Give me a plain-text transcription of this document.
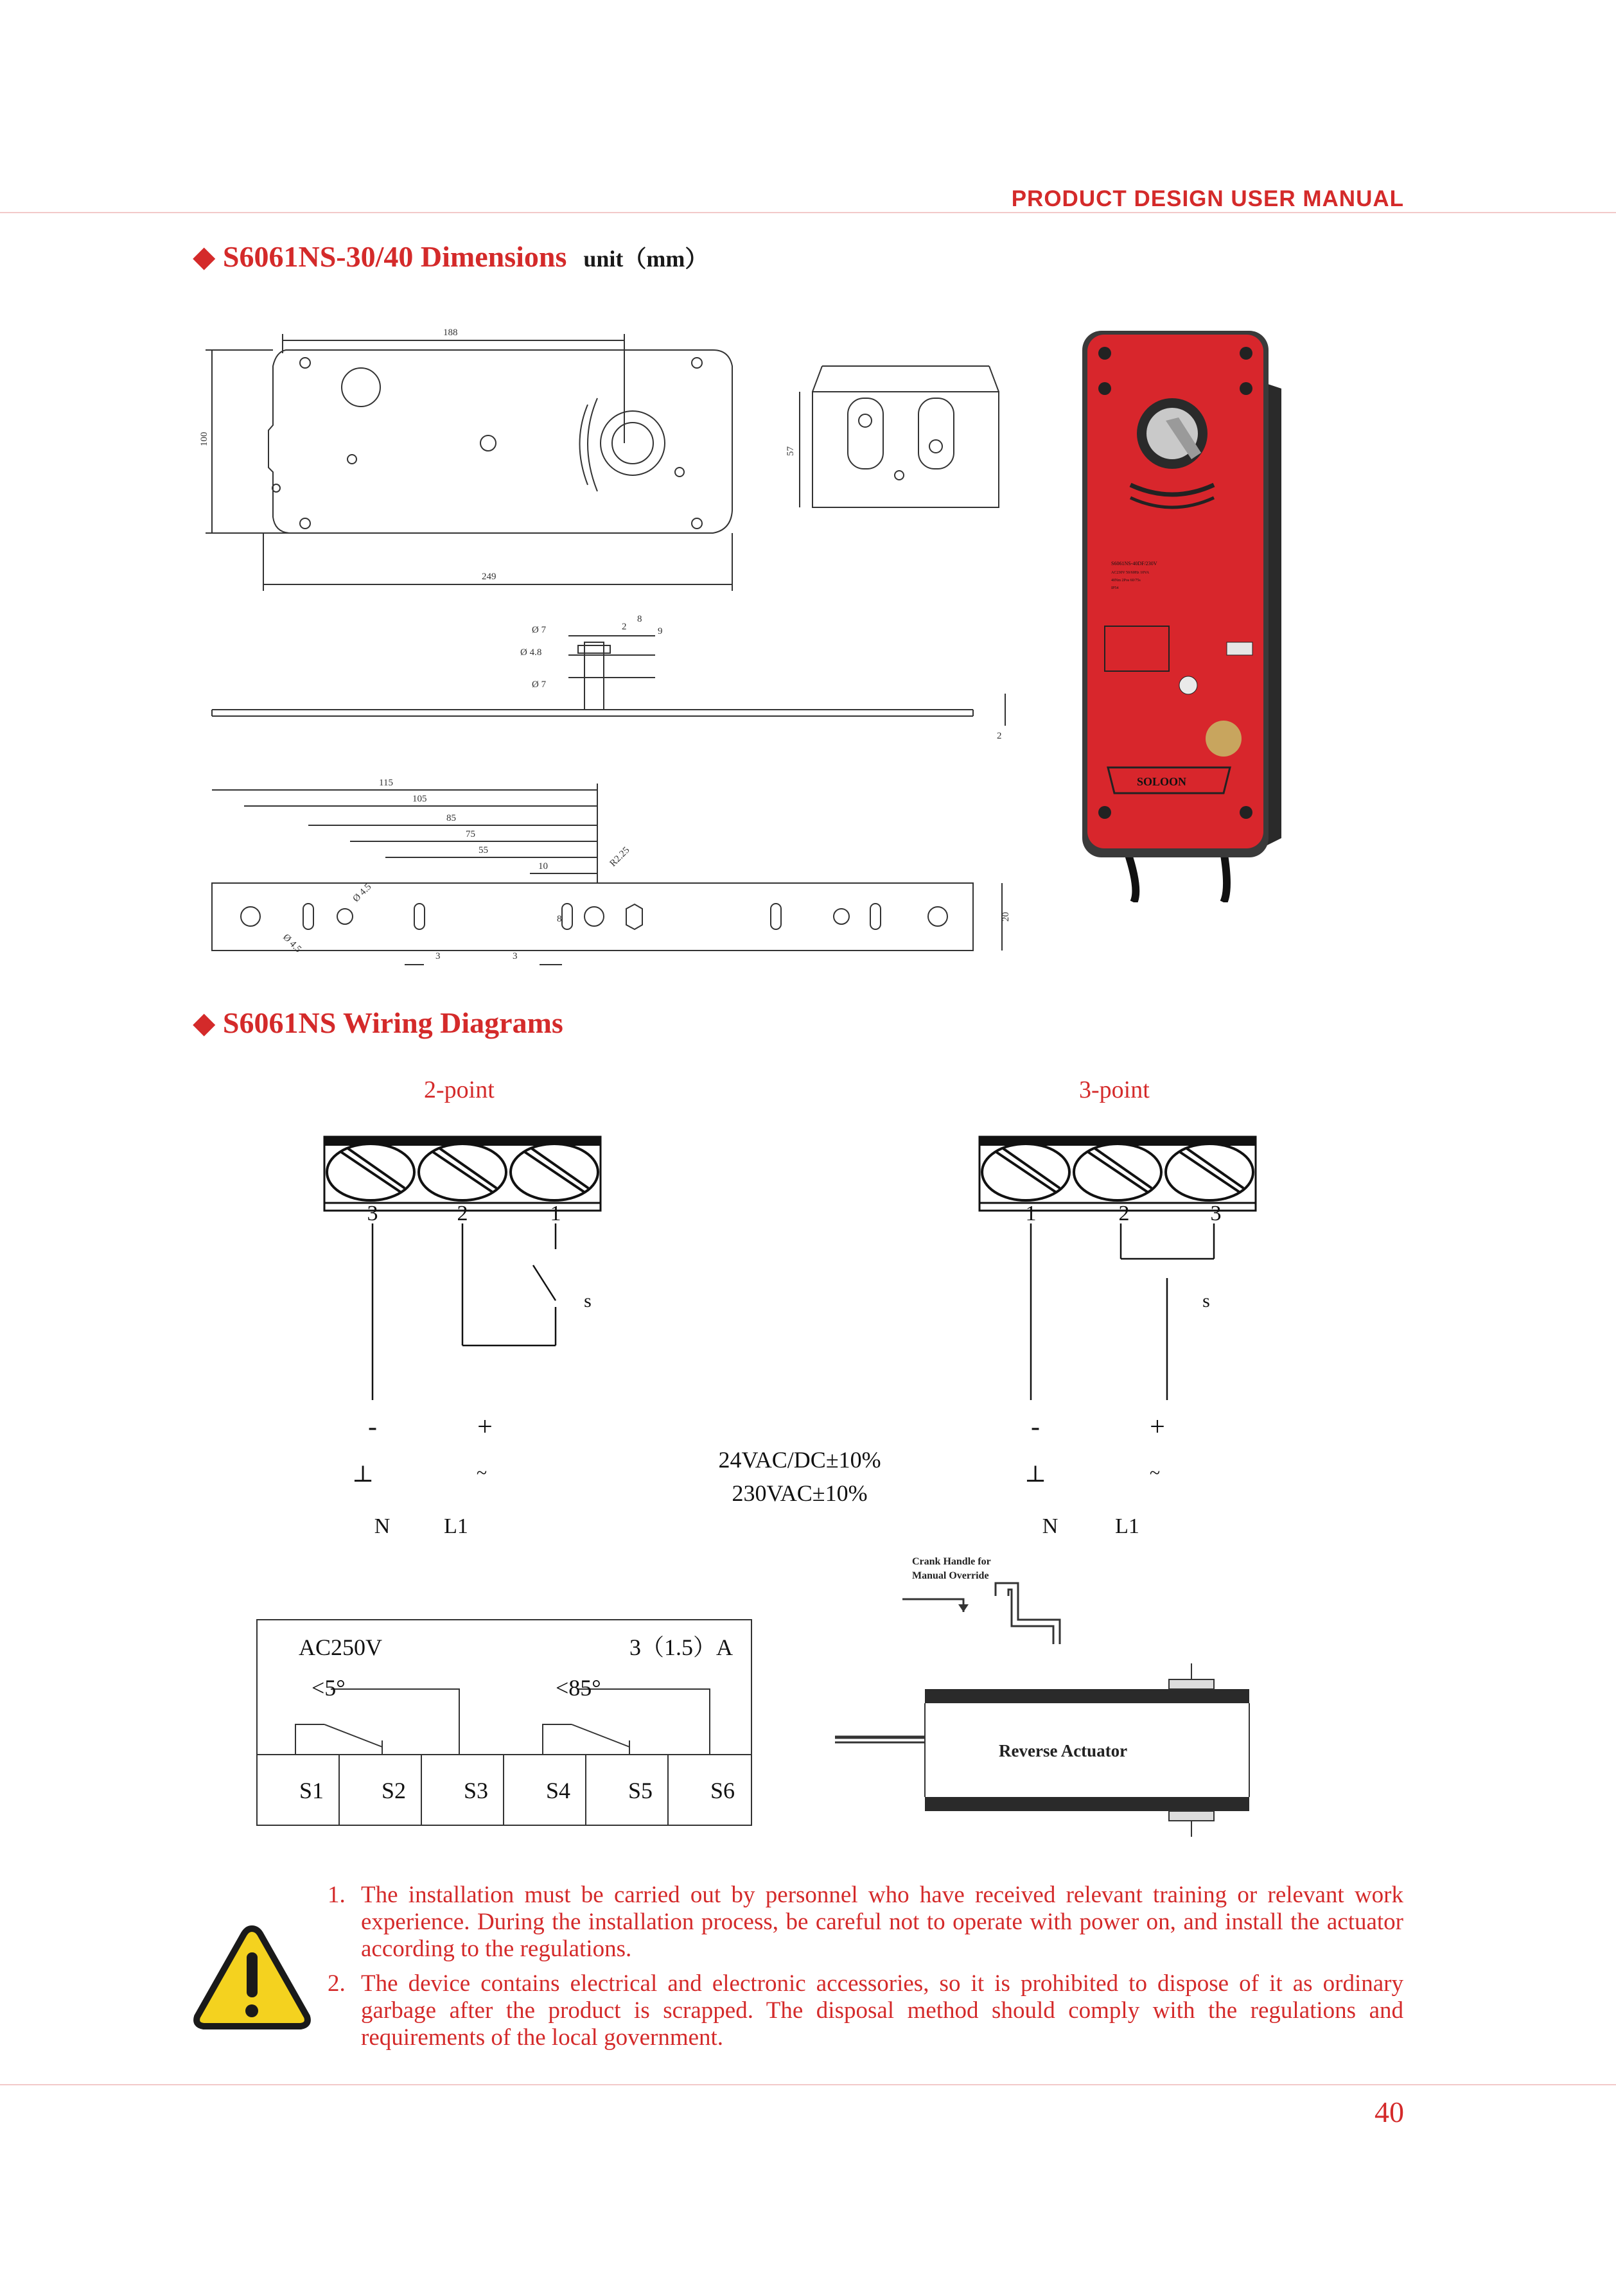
PRODUCT DESIGN USER MANUAL
◆ S6061NS-30/40 Dimensions unit（mm）
188
100
249
57
Ø 7
Ø 4.8
Ø 7
2
8
9
2
115
105
85
75
55
10	R2.25
Ø 4.5
Ø 4.5
20
3	3
8
S6061NS-40DF/230V
AC230V 50/60Hz 10VA
40Nm 2Pos 60/75s
IP54
SOLOON
◆ S6061NS Wiring Diagrams
2-point	3-point
3	2	1
s
-	+
⊥	~
N L1
1	2	3
s
-	+
⊥	~
N	L1
24VAC/DC±10%
230VAC±10%
AC250V	3（1.5）A
<5°	<85°
S1 S2 S3 S4 S5 S6
Crank Handle for
Manual Override
Reverse Actuator
1. The installation must be carried out by personnel who have received relevant training or relevant work experience. During the installation process, be careful not to operate with power on, and install the actuator according to the regulations.
2. The device contains electrical and electronic accessories, so it is prohibited to dispose of it as ordinary garbage after the product is scrapped. The disposal method should comply with the regulations and requirements of the local government.
40
